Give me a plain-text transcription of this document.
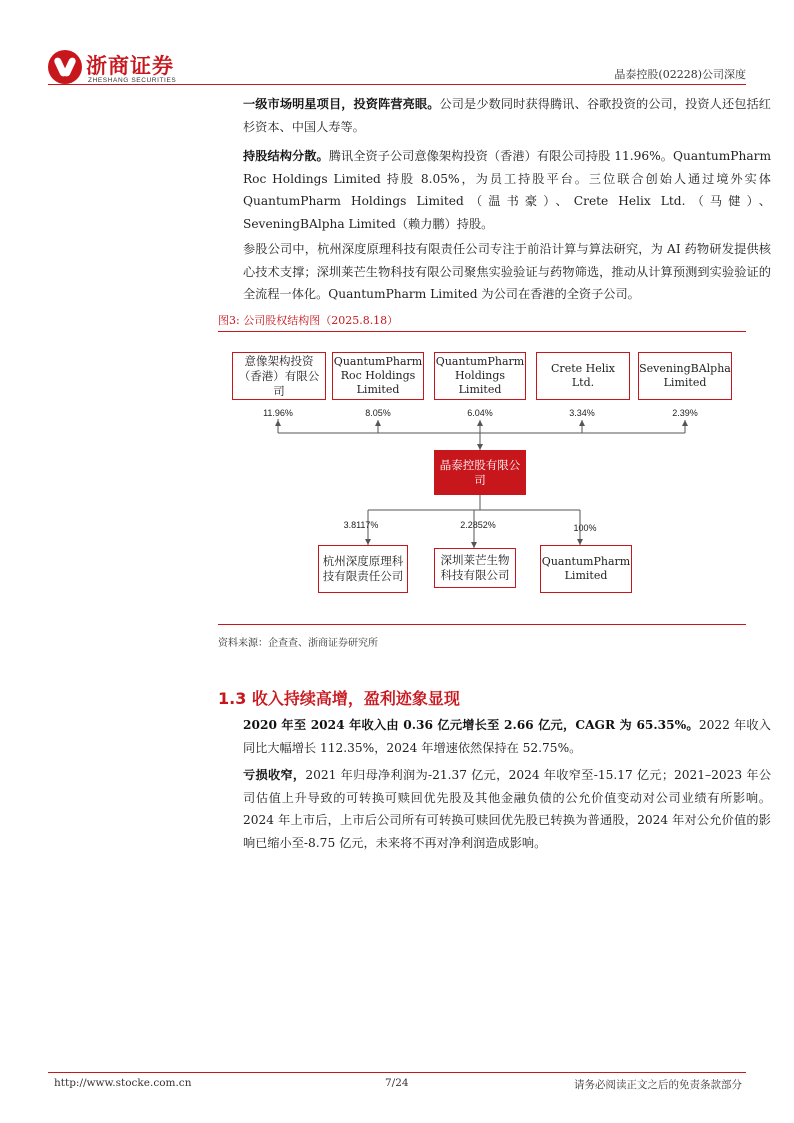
浙商证券
ZHESHANG SECURITIES	晶泰控股(02228)公司深度

一级市场明星项目，投资阵营亮眼。公司是少数同时获得腾讯、谷歌投资的公司，投资人还包括红杉资本、中国人寿等。

持股结构分散。腾讯全资子公司意像架构投资（香港）有限公司持股 11.96%。QuantumPharm Roc Holdings Limited 持股 8.05%，为员工持股平台。三位联合创始人通过境外实体 QuantumPharm Holdings Limited（温书豪）、Crete Helix Ltd.（马健）、SeveningBAlpha Limited（赖力鹏）持股。

参股公司中，杭州深度原理科技有限责任公司专注于前沿计算与算法研究，为 AI 药物研发提供核心技术支撑；深圳莱芒生物科技有限公司聚焦实验验证与药物筛选，推动从计算预测到实验验证的全流程一体化。QuantumPharm Limited 为公司在香港的全资子公司。

图3: 公司股权结构图（2025.8.18）
意像架构投资（香港）有限公司
QuantumPharm Roc Holdings Limited
QuantumPharm Holdings Limited
Crete Helix Ltd.
SeveningBAlpha Limited
11.96%	8.05%	6.04%	3.34%	2.39%
晶泰控股有限公司
3.8117%	2.2852%	100%
杭州深度原理科技有限责任公司
深圳莱芒生物科技有限公司
QuantumPharm Limited
资料来源：企查查、浙商证券研究所
1.3 收入持续高增，盈利迹象显现

2020 年至 2024 年收入由 0.36 亿元增长至 2.66 亿元，CAGR 为 65.35%。2022 年收入同比大幅增长 112.35%，2024 年增速依然保持在 52.75%。

亏损收窄，2021 年归母净利润为-21.37 亿元，2024 年收窄至-15.17 亿元；2021–2023 年公司估值上升导致的可转换可赎回优先股及其他金融负债的公允价值变动对公司业绩有所影响。2024 年上市后，上市后公司所有可转换可赎回优先股已转换为普通股，2024 年对公允价值的影响已缩小至-8.75 亿元，未来将不再对净利润造成影响。

http://www.stocke.com.cn	7/24	请务必阅读正文之后的免责条款部分
